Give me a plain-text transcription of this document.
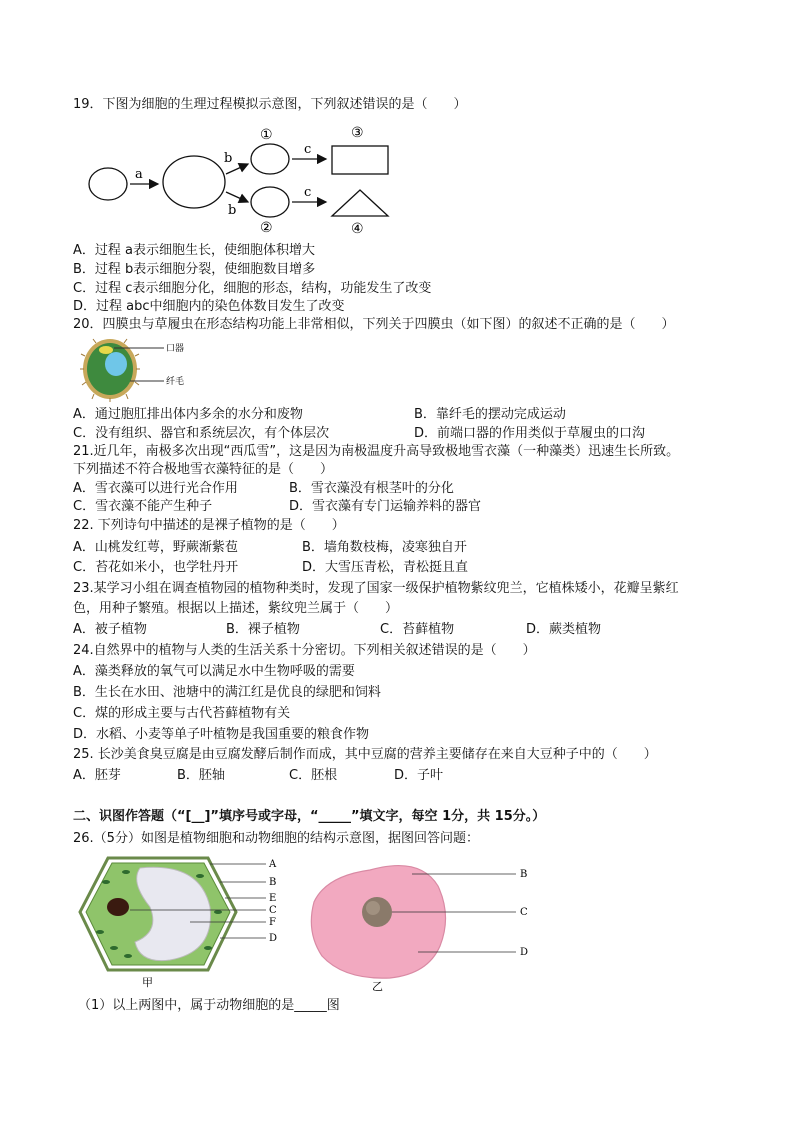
19．下图为细胞的生理过程模拟示意图，下列叙述错误的是（　　）
a
b
b
①
②
c
c
③
④
A．过程 a表示细胞生长，使细胞体积增大
B．过程 b表示细胞分裂，使细胞数目增多
C．过程 c表示细胞分化，细胞的形态，结构，功能发生了改变
D．过程 abc中细胞内的染色体数目发生了改变
20．四膜虫与草履虫在形态结构功能上非常相似，下列关于四膜虫（如下图）的叙述不正确的是（　　）
口器
纤毛
A．通过胞肛排出体内多余的水分和废物	B．靠纤毛的摆动完成运动
C．没有组织、器官和系统层次，有个体层次	D．前端口器的作用类似于草履虫的口沟
21.近几年，南极多次出现“西瓜雪”，这是因为南极温度升高导致极地雪衣藻（一种藻类）迅速生长所致。
下列描述不符合极地雪衣藻特征的是（　　）
A．雪衣藻可以进行光合作用	B．雪衣藻没有根茎叶的分化
C．雪衣藻不能产生种子	D．雪衣藻有专门运输养料的器官
22. 下列诗句中描述的是裸子植物的是（　　）
A．山桃发红萼，野蕨渐紫苞	B．墙角数枝梅，凌寒独自开
C．苔花如米小，也学牡丹开	D．大雪压青松，青松挺且直
23.某学习小组在调查植物园的植物种类时，发现了国家一级保护植物紫纹兜兰，它植株矮小，花瓣呈紫红
色，用种子繁殖。根据以上描述，紫纹兜兰属于（　　）
A．被子植物	B．裸子植物	C．苔藓植物	D．蕨类植物
24.自然界中的植物与人类的生活关系十分密切。下列相关叙述错误的是（　　）
A．藻类释放的氧气可以满足水中生物呼吸的需要
B．生长在水田、池塘中的满江红是优良的绿肥和饲料
C．煤的形成主要与古代苔藓植物有关
D．水稻、小麦等单子叶植物是我国重要的粮食作物
25. 长沙美食臭豆腐是由豆腐发酵后制作而成，其中豆腐的营养主要储存在来自大豆种子中的（　　）
A．胚芽	B．胚轴	C．胚根	D．子叶
二、识图作答题（“[__]”填序号或字母，“_____”填文字，每空 1分，共 15分。）
26.（5分）如图是植物细胞和动物细胞的结构示意图，据图回答问题：
A
B
E
C
F
D
甲
B
C
D
乙
（1）以上两图中，属于动物细胞的是_____图
